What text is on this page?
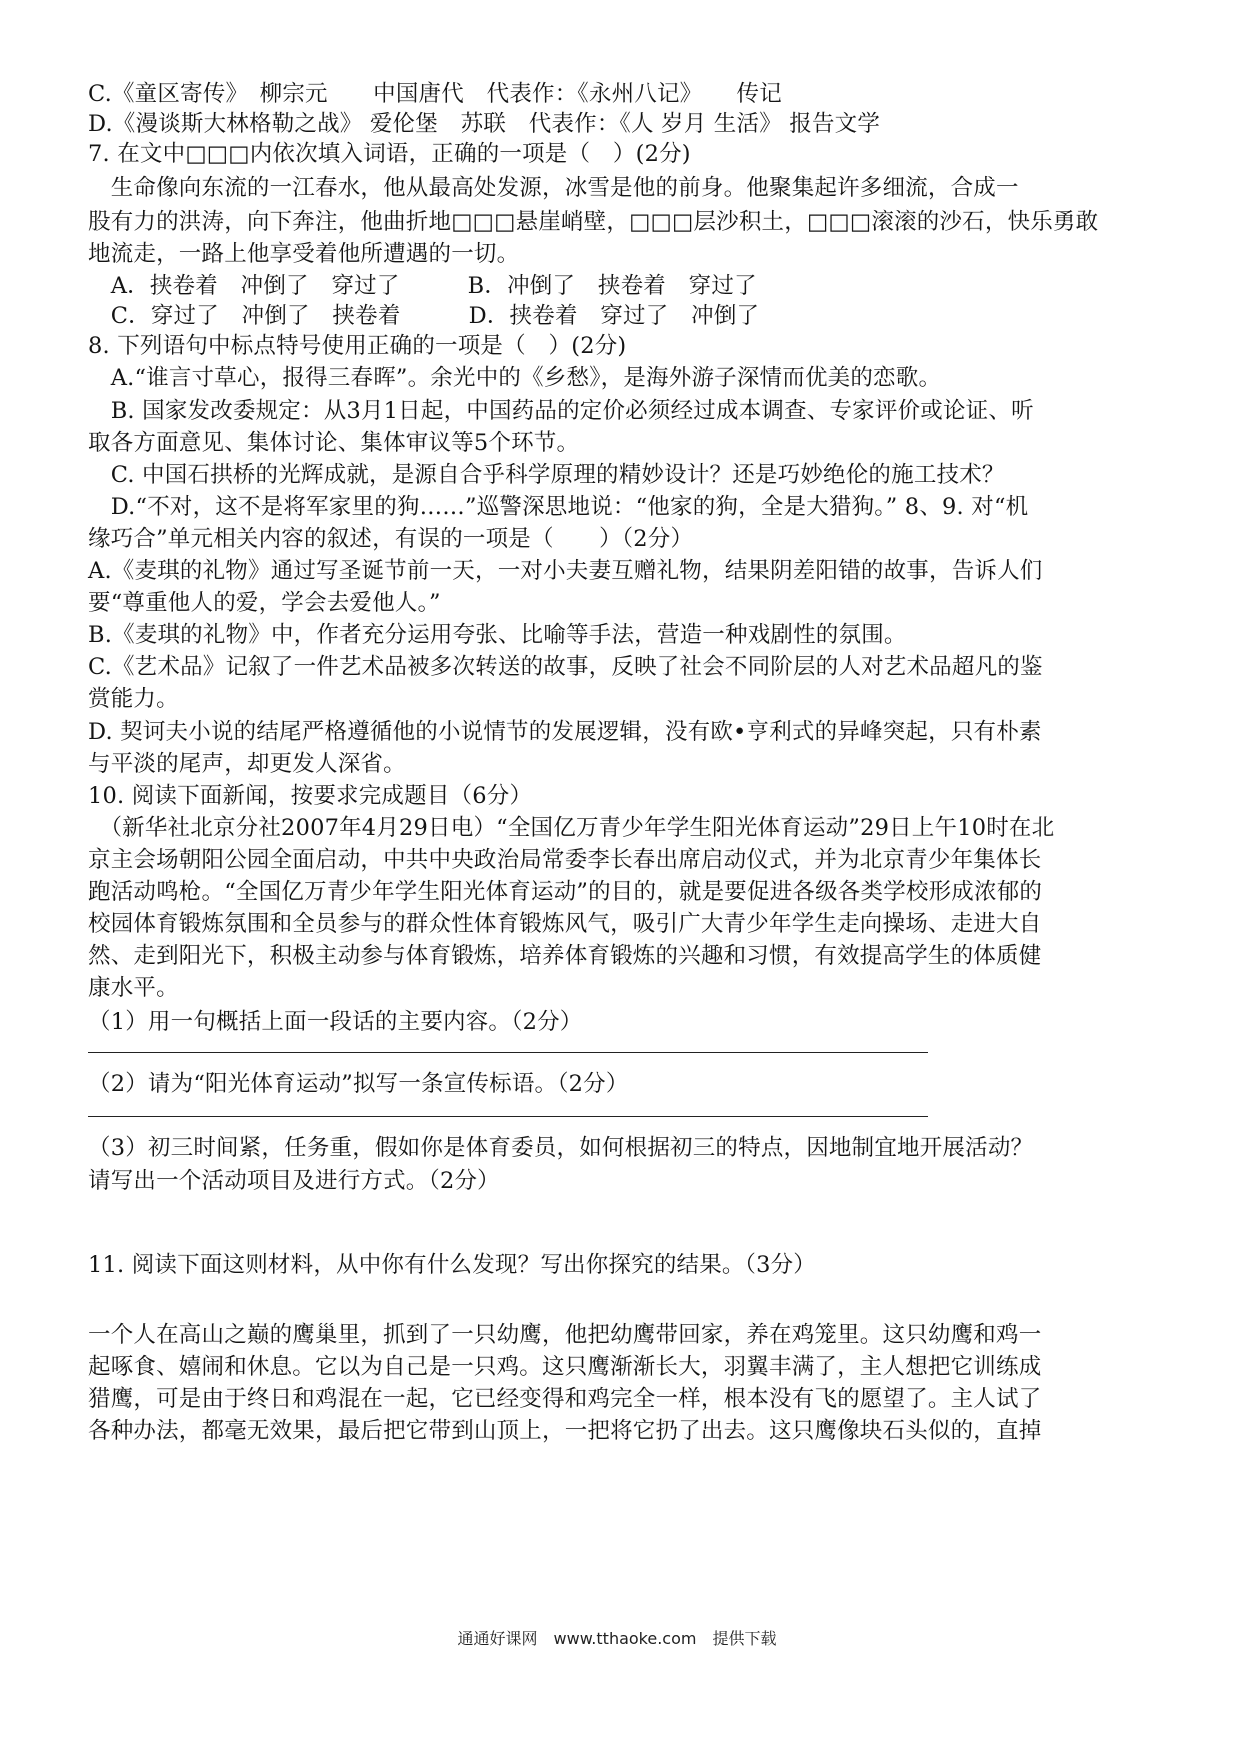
C.《童区寄传》　柳宗元　　中国唐代　代表作：《永州八记》　　传记
D.《漫谈斯大林格勒之战》 爱伦堡　苏联　代表作：《人 岁月 生活》 报告文学
7. 在文中□□□内依次填入词语，正确的一项是（　）(2分)
　生命像向东流的一江春水，他从最高处发源，冰雪是他的前身。他聚集起许多细流，合成一
股有力的洪涛，向下奔注，他曲折地□□□悬崖峭壁，□□□层沙积土，□□□滚滚的沙石，快乐勇敢
地流走，一路上他享受着他所遭遇的一切。
　A．挟卷着　冲倒了　穿过了　　　B．冲倒了　挟卷着　穿过了
　C．穿过了　冲倒了　挟卷着　　　D．挟卷着　穿过了　冲倒了
8. 下列语句中标点特号使用正确的一项是（　）(2分)
　A.“谁言寸草心，报得三春晖”。余光中的《乡愁》，是海外游子深情而优美的恋歌。
　B. 国家发改委规定：从3月1日起，中国药品的定价必须经过成本调查、专家评价或论证、听
取各方面意见、集体讨论、集体审议等5个环节。
　C. 中国石拱桥的光辉成就，是源自合乎科学原理的精妙设计？还是巧妙绝伦的施工技术？
　D.“不对，这不是将军家里的狗……”巡警深思地说：“他家的狗，全是大猎狗。” 8、9. 对“机
缘巧合”单元相关内容的叙述，有误的一项是（　　）（2分）
A.《麦琪的礼物》通过写圣诞节前一天，一对小夫妻互赠礼物，结果阴差阳错的故事，告诉人们
要“尊重他人的爱，学会去爱他人。”
B.《麦琪的礼物》中，作者充分运用夸张、比喻等手法，营造一种戏剧性的氛围。
C.《艺术品》记叙了一件艺术品被多次转送的故事，反映了社会不同阶层的人对艺术品超凡的鉴
赏能力。
D. 契诃夫小说的结尾严格遵循他的小说情节的发展逻辑，没有欧•亨利式的异峰突起，只有朴素
与平淡的尾声，却更发人深省。
10. 阅读下面新闻，按要求完成题目（6分）
　（新华社北京分社2007年4月29日电）“全国亿万青少年学生阳光体育运动”29日上午10时在北
京主会场朝阳公园全面启动，中共中央政治局常委李长春出席启动仪式，并为北京青少年集体长
跑活动鸣枪。“全国亿万青少年学生阳光体育运动”的目的，就是要促进各级各类学校形成浓郁的
校园体育锻炼氛围和全员参与的群众性体育锻炼风气，吸引广大青少年学生走向操场、走进大自
然、走到阳光下，积极主动参与体育锻炼，培养体育锻炼的兴趣和习惯，有效提高学生的体质健
康水平。
（1）用一句概括上面一段话的主要内容。（2分）
（2）请为“阳光体育运动”拟写一条宣传标语。（2分）
（3）初三时间紧，任务重，假如你是体育委员，如何根据初三的特点，因地制宜地开展活动？
请写出一个活动项目及进行方式。（2分）
11. 阅读下面这则材料，从中你有什么发现？写出你探究的结果。（3分）
一个人在高山之巅的鹰巢里，抓到了一只幼鹰，他把幼鹰带回家，养在鸡笼里。这只幼鹰和鸡一
起啄食、嬉闹和休息。它以为自己是一只鸡。这只鹰渐渐长大，羽翼丰满了，主人想把它训练成
猎鹰，可是由于终日和鸡混在一起，它已经变得和鸡完全一样，根本没有飞的愿望了。主人试了
各种办法，都毫无效果，最后把它带到山顶上，一把将它扔了出去。这只鹰像块石头似的，直掉
通通好课网　www.tthaoke.com　提供下载
